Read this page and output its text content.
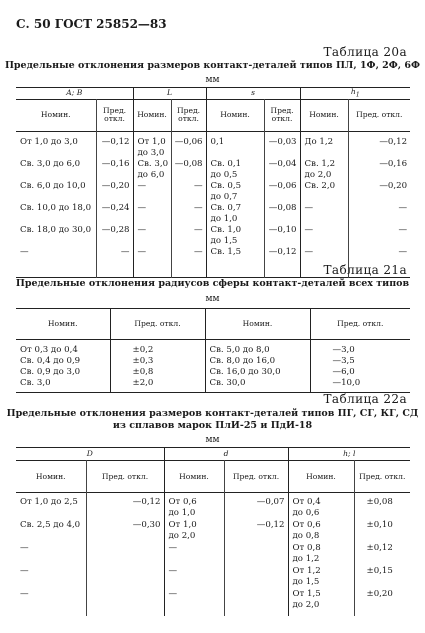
С. 50 ГОСТ 25852—83
Таблица 20а
Предельные отклонения размеров контакт-деталей типов ПЛ, 1Ф, 2Ф, 6Ф
мм
A; B		L		s		$h_1$
Номин.	Пред. откл.	Номин.	Пред. откл.	Номин.	Пред. откл.	Номин.	Пред. откл.

От 1,0 до 3,0	—0,12	От 1,0
до 3,0	—0,06	0,1	—0,03	До 1,2	—0,12

Св. 3,0 до 6,0	—0,16	Св. 3,0
до 6,0	—0,08	Св. 0,1
до 0,5	—0,04	Св. 1,2
до 2,0	—0,16

Св. 6,0 до 10,0	—0,20	—	—	Св. 0,5
до 0,7	—0,06	Св. 2,0	—0,20

Св. 10,0 до 18,0	—0,24	—	—	Св. 0,7
до 1,0	—0,08	—	—

Св. 18,0 до 30,0	—0,28	—	—	Св. 1,0
до 1,5	—0,10	—	—

—	—	—	—	Св. 1,5	—0,12	—	—

Таблица 21а
Предельные отклонения радиусов сферы контакт-деталей всех типов
мм
Номин.	Пред. откл.	Номин.	Пред. откл.

От 0,3 до 0,4	±0,2	Св. 5,0 до 8,0	—3,0

Св. 0,4 до 0,9	±0,3	Св. 8,0 до 16,0	—3,5

Св. 0,9 до 3,0	±0,8	Св. 16,0 до 30,0	—6,0

Св. 3,0	±2,0	Св. 30,0	—10,0

Таблица 22а
Предельные отклонения размеров контакт-деталей типов ПГ, СГ, КГ, СД
из сплавов марок ПлИ-25 и ПдИ-18
мм
D		d		h; l	
Номин.	Пред. откл.	Номин.	Пред. откл.	Номин.	Пред. откл.

От 1,0 до 2,5	—0,12	От 0,6
до 1,0	—0,07	От 0,4
до 0,6	±0,08

Св. 2,5 до 4,0	—0,30	От 1,0
до 2,0	—0,12	От 0,6
до 0,8	±0,10

—		—		От 0,8
до 1,2	±0,12

—		—		От 1,2
до 1,5	±0,15

—		—		От 1,5
до 2,0	±0,20
